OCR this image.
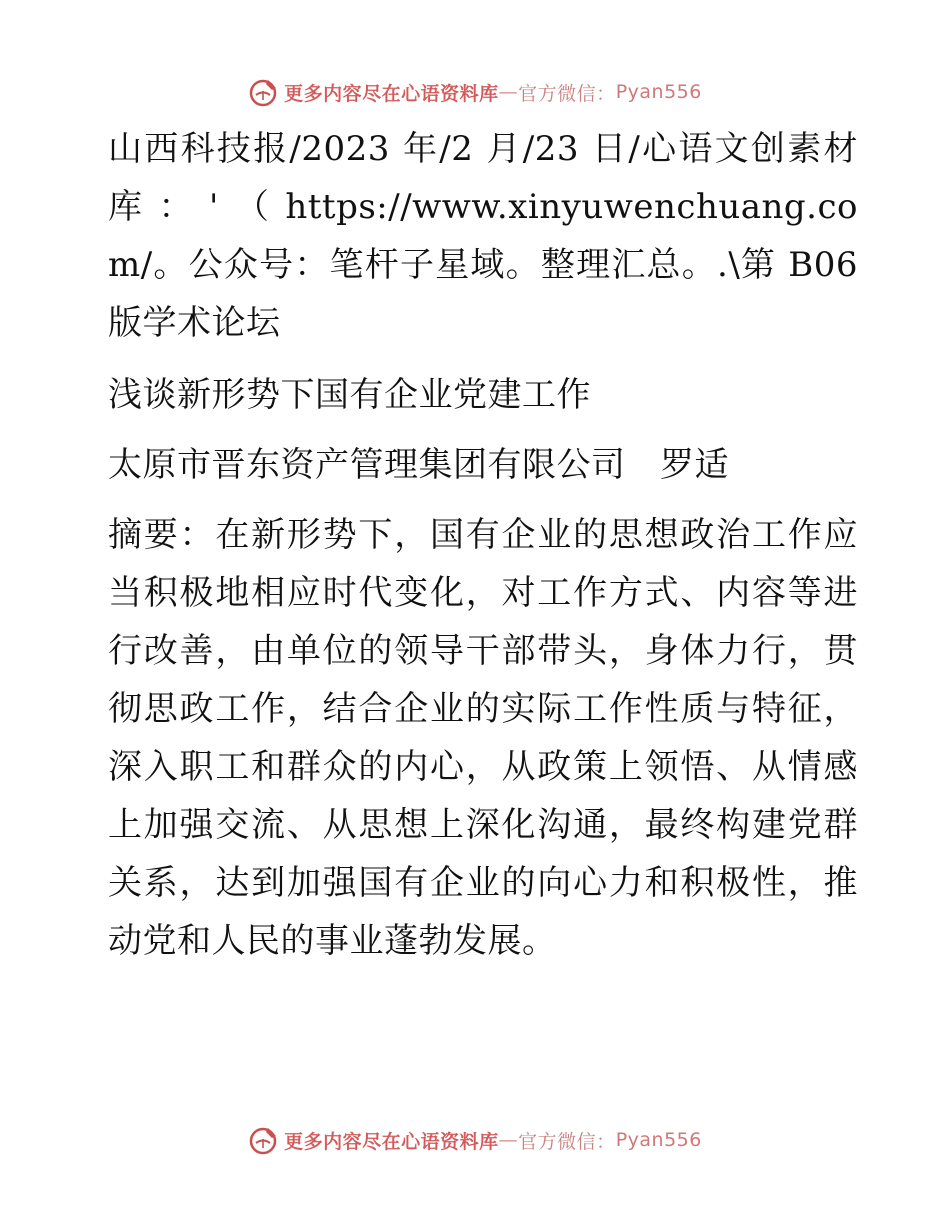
更多内容尽在心语资料库 — 官方微信： Pyan556

山西科技报/2023 年/2 月/23 日/心语文创素材库：'（https://www.xinyuwenchuang.com/。公众号：笔杆子星域。整理汇总。.\第 B06 版学术论坛

浅谈新形势下国有企业党建工作

太原市晋东资产管理集团有限公司　罗适

摘要：在新形势下，国有企业的思想政治工作应当积极地相应时代变化，对工作方式、内容等进行改善，由单位的领导干部带头，身体力行，贯彻思政工作，结合企业的实际工作性质与特征，深入职工和群众的内心，从政策上领悟、从情感上加强交流、从思想上深化沟通，最终构建党群关系，达到加强国有企业的向心力和积极性，推动党和人民的事业蓬勃发展。

更多内容尽在心语资料库 — 官方微信： Pyan556
